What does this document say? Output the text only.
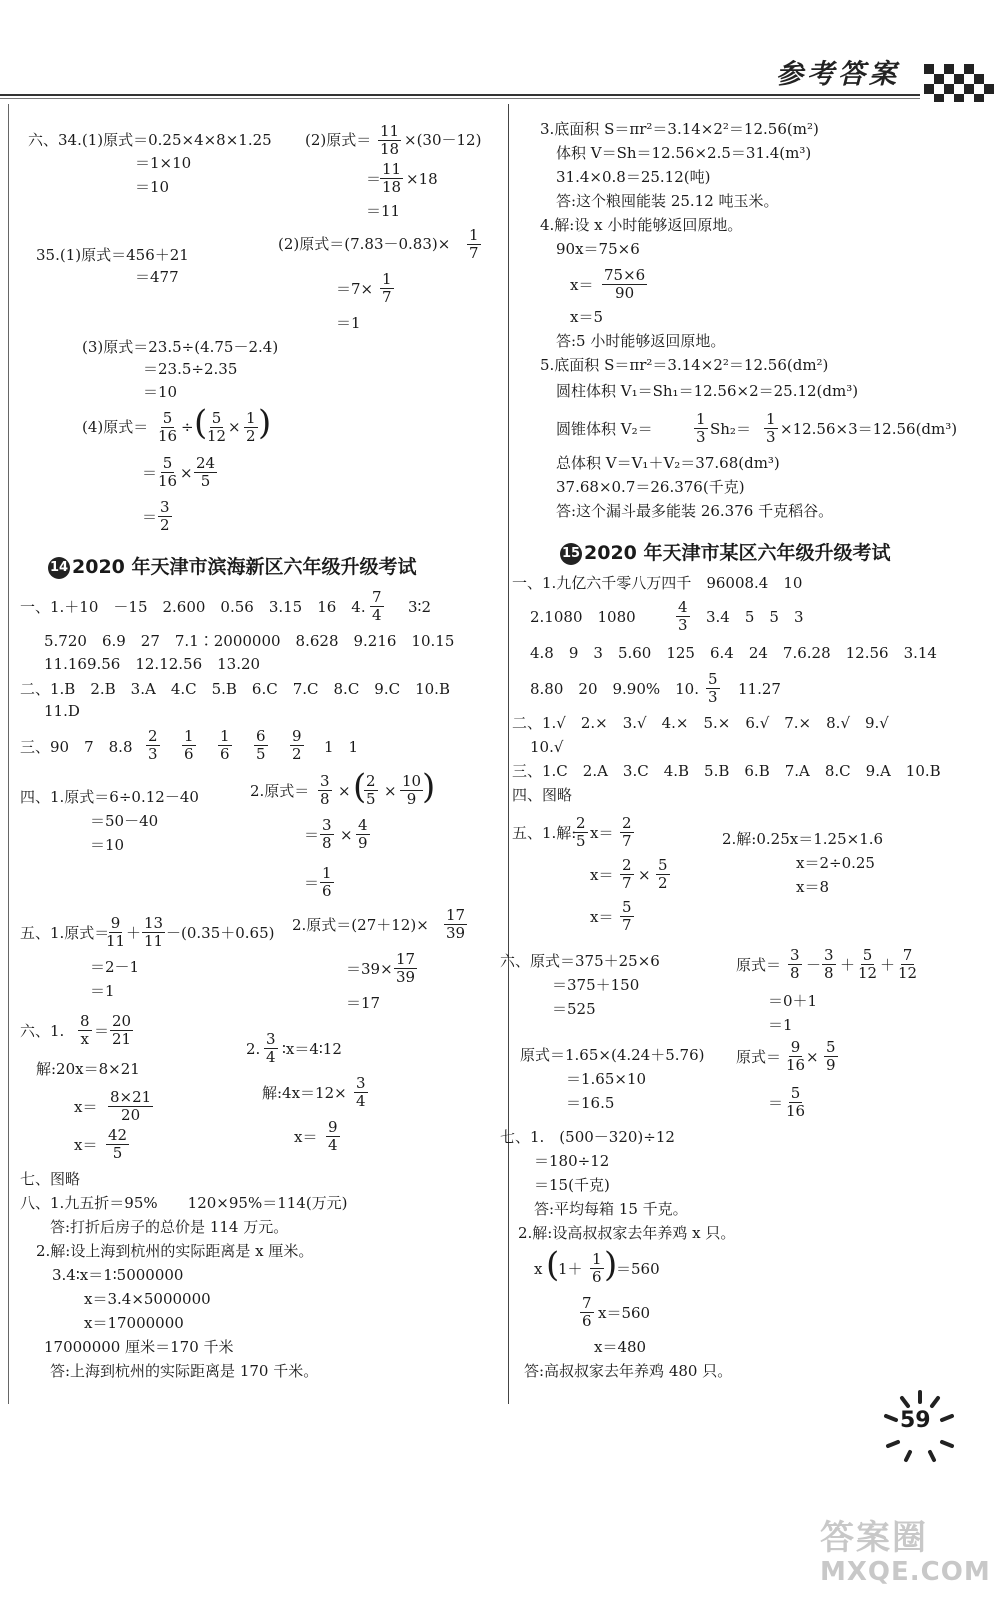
参考答案
六、34.(1)原式＝0.25×4×8×1.25
＝1×10
＝10
(2)原式＝ $\frac{11}{18} \times(30-12)$
＝
$\frac{11}{18} \times 18$
＝11
35.(1)原式＝456＋21
＝477
(2)原式$=(7.83-0.83)\times \frac{1}{7}$
$=7\times \frac{1}{7}$
＝1
(3)原式＝23.5÷(4.75－2.4)
＝23.5÷2.35
＝10
(4)原式＝ $\frac{5}{16}$ ÷ (
$\frac{5}{12} \times \frac{1}{2}$ )
＝
$\frac{5}{16} \times \frac{24}{5}$
＝ $\frac{3}{2}$
14 2020 年天津市滨海新区六年级升级考试
一、1.＋10　－15　2.600　0.56　3.15　16　4. $\frac{7}{4}$ 3∶2
5.720　6.9　27　7.1∶2000000　8.628　9.216　10.15
11.169.56　12.12.56　13.20
二、1.B　2.B　3.A　4.C　5.B　6.C　7.C　8.C　9.C　10.B
11.D
三、90　7　$8.8 \frac{2}{3} \frac{1}{6} \frac{1}{6} \frac{6}{5} \frac{9}{2} 1$　1
四、1.原式＝6÷0.12－40
＝50－40
＝10
2.原式＝ $\frac{3}{8}$ × (
$\frac{2}{5} \times \frac{10}{9}$
)
＝ $\frac{3}{8} \times \frac{4}{9}$
＝ $\frac{1}{6}$
五、1.原式＝
$\frac{9}{11}$
＋ $\frac{13}{11} -(0.35+0.65)$
＝2－1
＝1
2.原式$=(27+12)\times \frac{17}{39}$
$=39\times \frac{17}{39}$
＝17
六、1. $\frac{8}{x} = \frac{20}{21}$
解:20x＝8×21
$x= \frac{8\times 21}{20}$
$x= \frac{42}{5}$
2. $\frac{3}{4}$ ∶x＝4∶12
解:4x＝12× $\frac{3}{4}$
$x= \frac{9}{4}$
七、图略
八、1.九五折＝95%　　120×95%＝114(万元)
答:打折后房子的总价是 114 万元。
2.解:设上海到杭州的实际距离是 x 厘米。
3.4∶x＝1∶5000000
x＝3.4×5000000
x＝17000000
17000000 厘米＝170 千米
答:上海到杭州的实际距离是 170 千米。
3.底面积 S＝πr²＝3.14×2²＝12.56(m²)
体积 V＝Sh＝12.56×2.5＝31.4(m³)
31.4×0.8＝25.12(吨)
答:这个粮囤能装 25.12 吨玉米。
4.解:设 x 小时能够返回原地。
90x＝75×6
$x= \frac{75\times 6}{90}$
x＝5
答:5 小时能够返回原地。
5.底面积 S＝πr²＝3.14×2²＝12.56(dm²)
圆柱体积 V₁＝Sh₁＝12.56×2＝25.12(dm³)
圆锥体积 V₂＝	$\frac{1}{3} Sh_2= \frac{1}{3} \times 12.56\times 3=12.56(dm^3)$
总体积 V＝V₁＋V₂＝37.68(dm³)
37.68×0.7＝26.376(千克)
答:这个漏斗最多能装 26.376 千克稻谷。
15 2020 年天津市某区六年级升级考试
一、1.九亿六千零八万四千　96008.4　10
2.1080　1080	$\frac{4}{3} 3.4$　5　5　3
4.8　9　3　5.60　125　6.4　24　7.6.28　12.56　3.14
8.80　20　9.90%　10. $\frac{5}{3} 11.27$
二、1.√　2.×　3.√　4.×　5.×　6.√　7.×　8.√　9.√
10.√
三、1.C　2.A　3.C　4.B　5.B　6.B　7.A　8.C　9.A　10.B
四、图略
五、1.解:
$\frac{2}{5} x= \frac{2}{7}$
$x= \frac{2}{7} \times \frac{5}{2}$
$x= \frac{5}{7}$
2.解:0.25x＝1.25×1.6
x＝2÷0.25
x＝8
六、原式＝375＋25×6
＝375＋150
＝525
原式＝ $\frac{3}{8} - \frac{3}{8} + \frac{5}{12} + \frac{7}{12}$
＝0＋1
＝1
原式＝1.65×(4.24＋5.76)
＝1.65×10
＝16.5
原式＝ $\frac{9}{16}$
× $\frac{5}{9}$
＝ $\frac{5}{16}$
七、1.　(500－320)÷12
＝180÷12
＝15(千克)
答:平均每箱 15 千克。
2.解:设高叔叔家去年养鸡 x 只。
x (
$1+ \frac{1}{6}$ )
＝560
$\frac{7}{6} x=560$
x＝480
答:高叔叔家去年养鸡 480 只。
59
答案圈
MXQE.COM
